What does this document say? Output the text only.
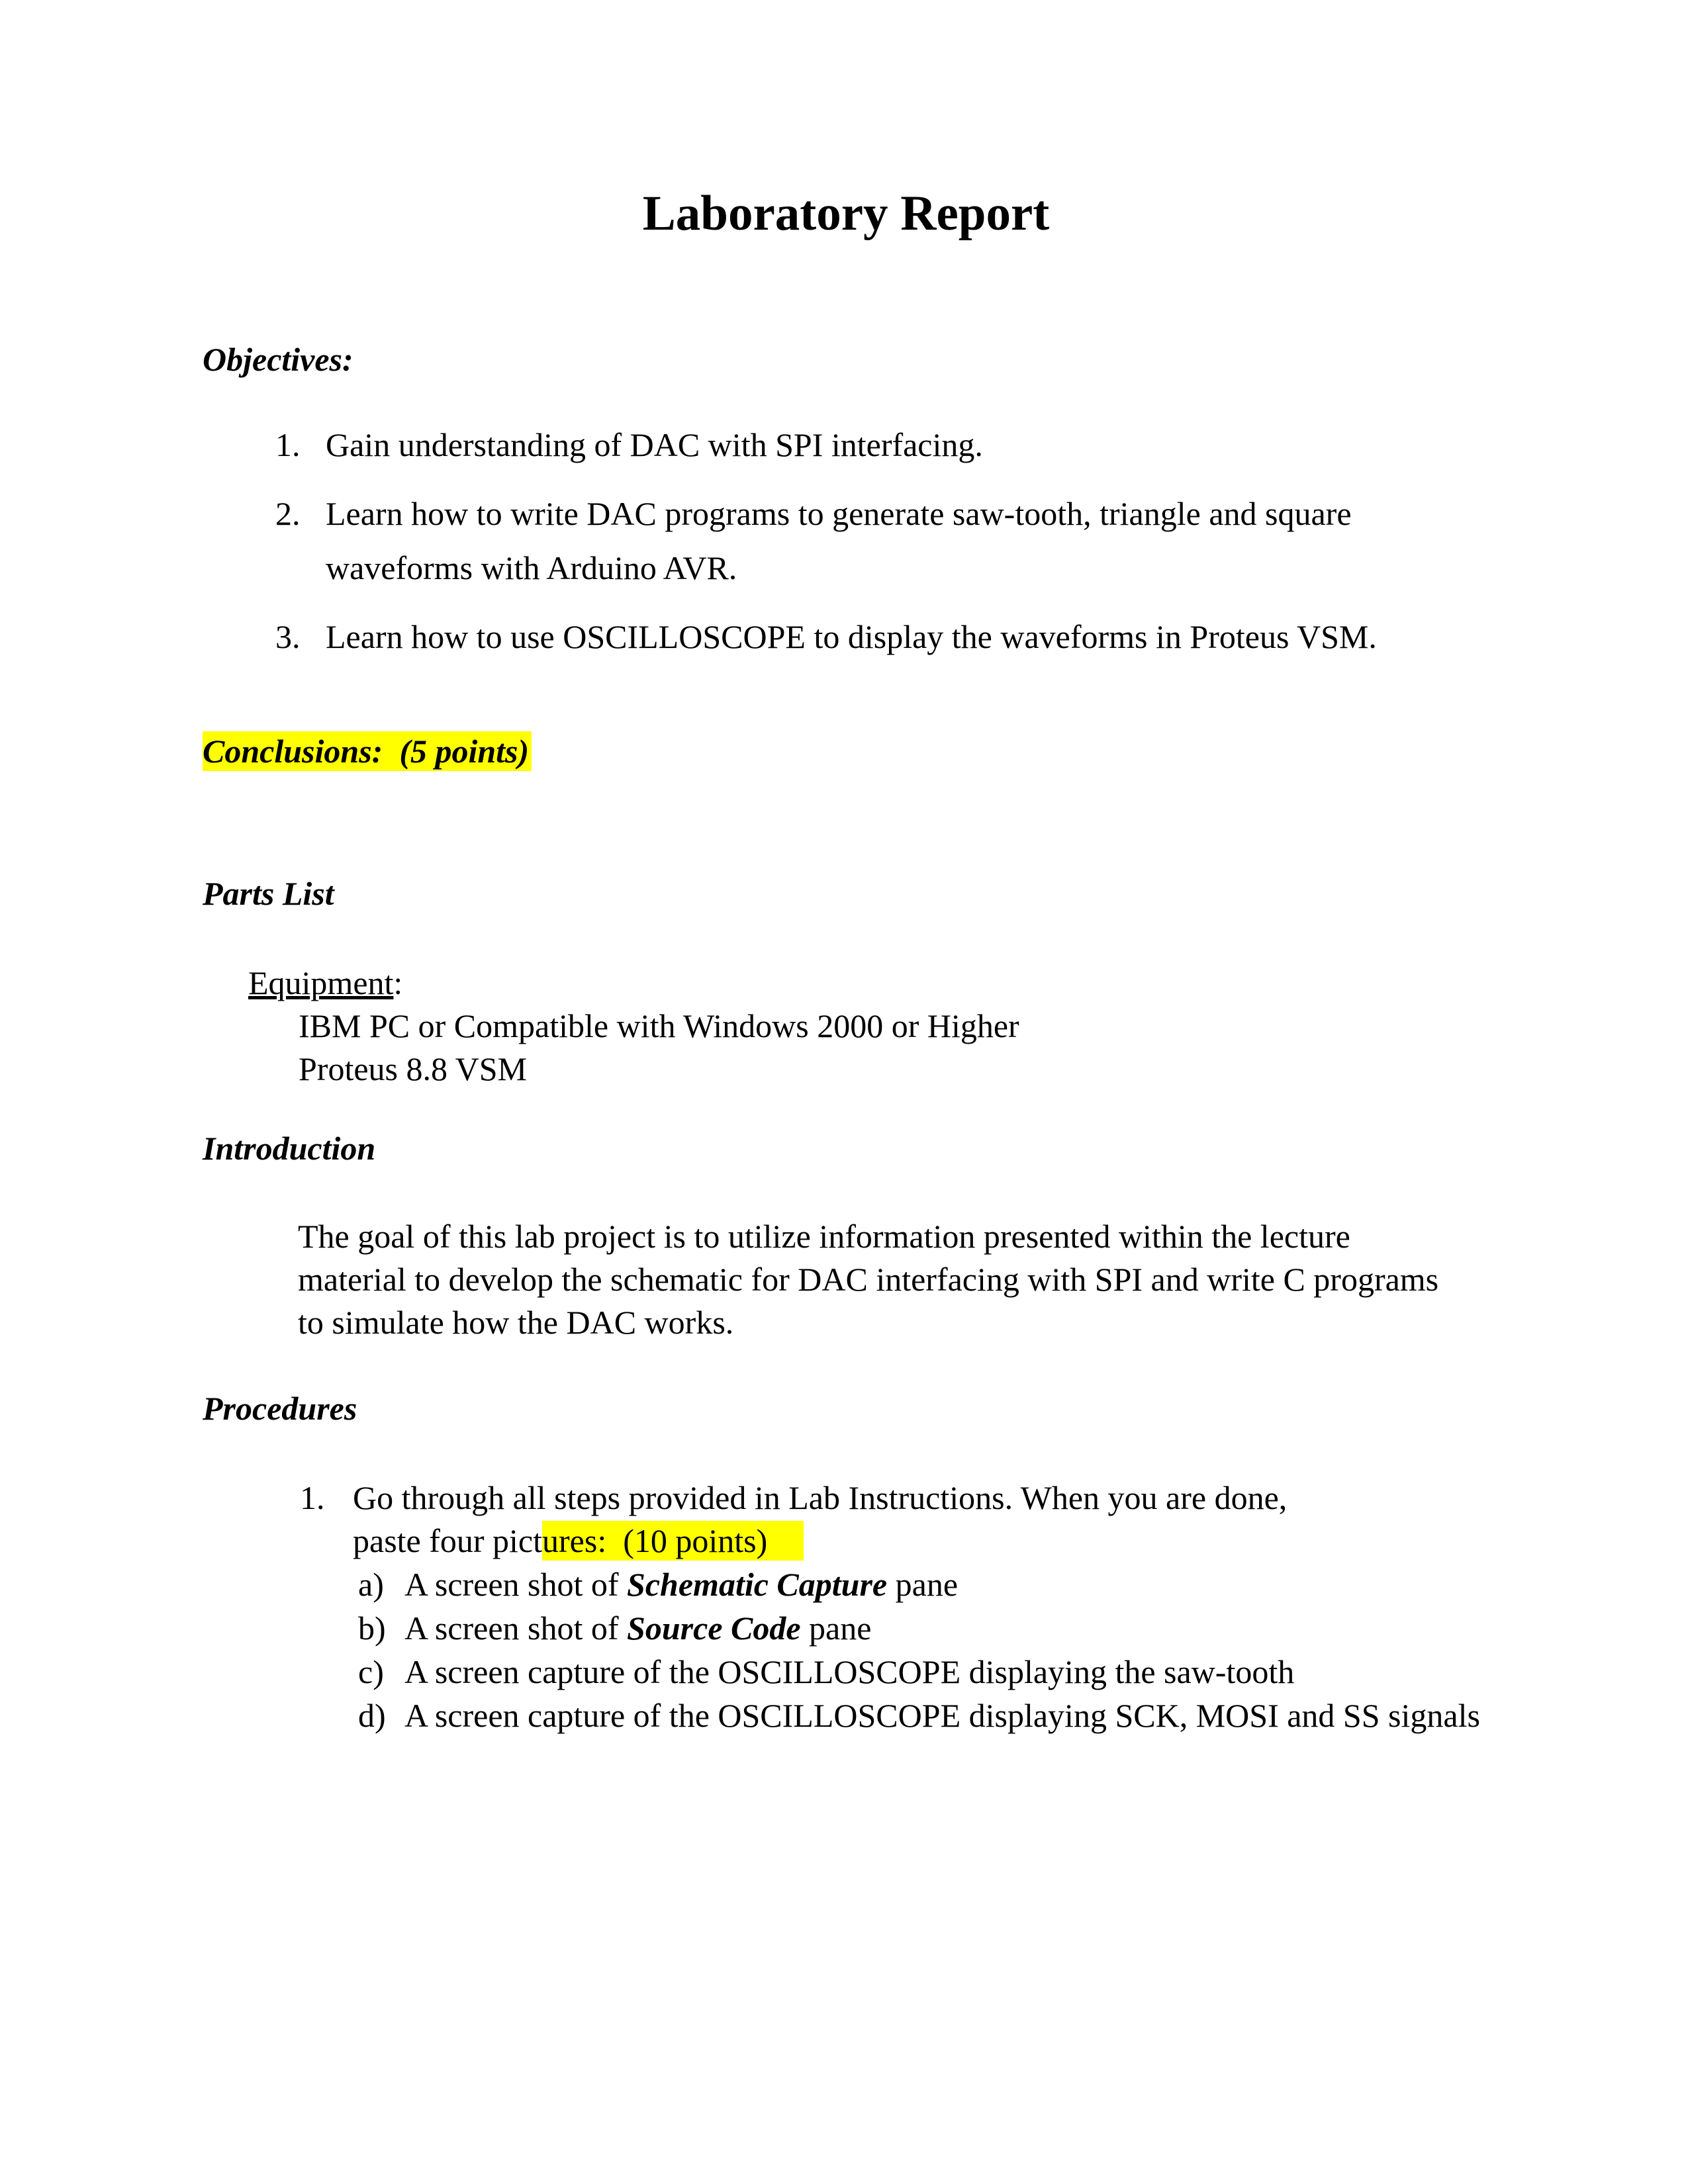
Laboratory Report
Objectives:
1. Gain understanding of DAC with SPI interfacing.
2. Learn how to write DAC programs to generate saw-tooth, triangle and square waveforms with Arduino AVR.
3. Learn how to use OSCILLOSCOPE to display the waveforms in Proteus VSM.
Conclusions:  (5 points)
Parts List
Equipment:
IBM PC or Compatible with Windows 2000 or Higher
Proteus 8.8 VSM
Introduction

The goal of this lab project is to utilize information presented within the lecture material to develop the schematic for DAC interfacing with SPI and write C programs to simulate how the DAC works.

Procedures
1. Go through all steps provided in Lab Instructions. When you are done, paste four pictures:  (10 points)
a) A screen shot of Schematic Capture pane
b) A screen shot of Source Code pane
c) A screen capture of the OSCILLOSCOPE displaying the saw-tooth
d) A screen capture of the OSCILLOSCOPE displaying SCK, MOSI and SS signals
